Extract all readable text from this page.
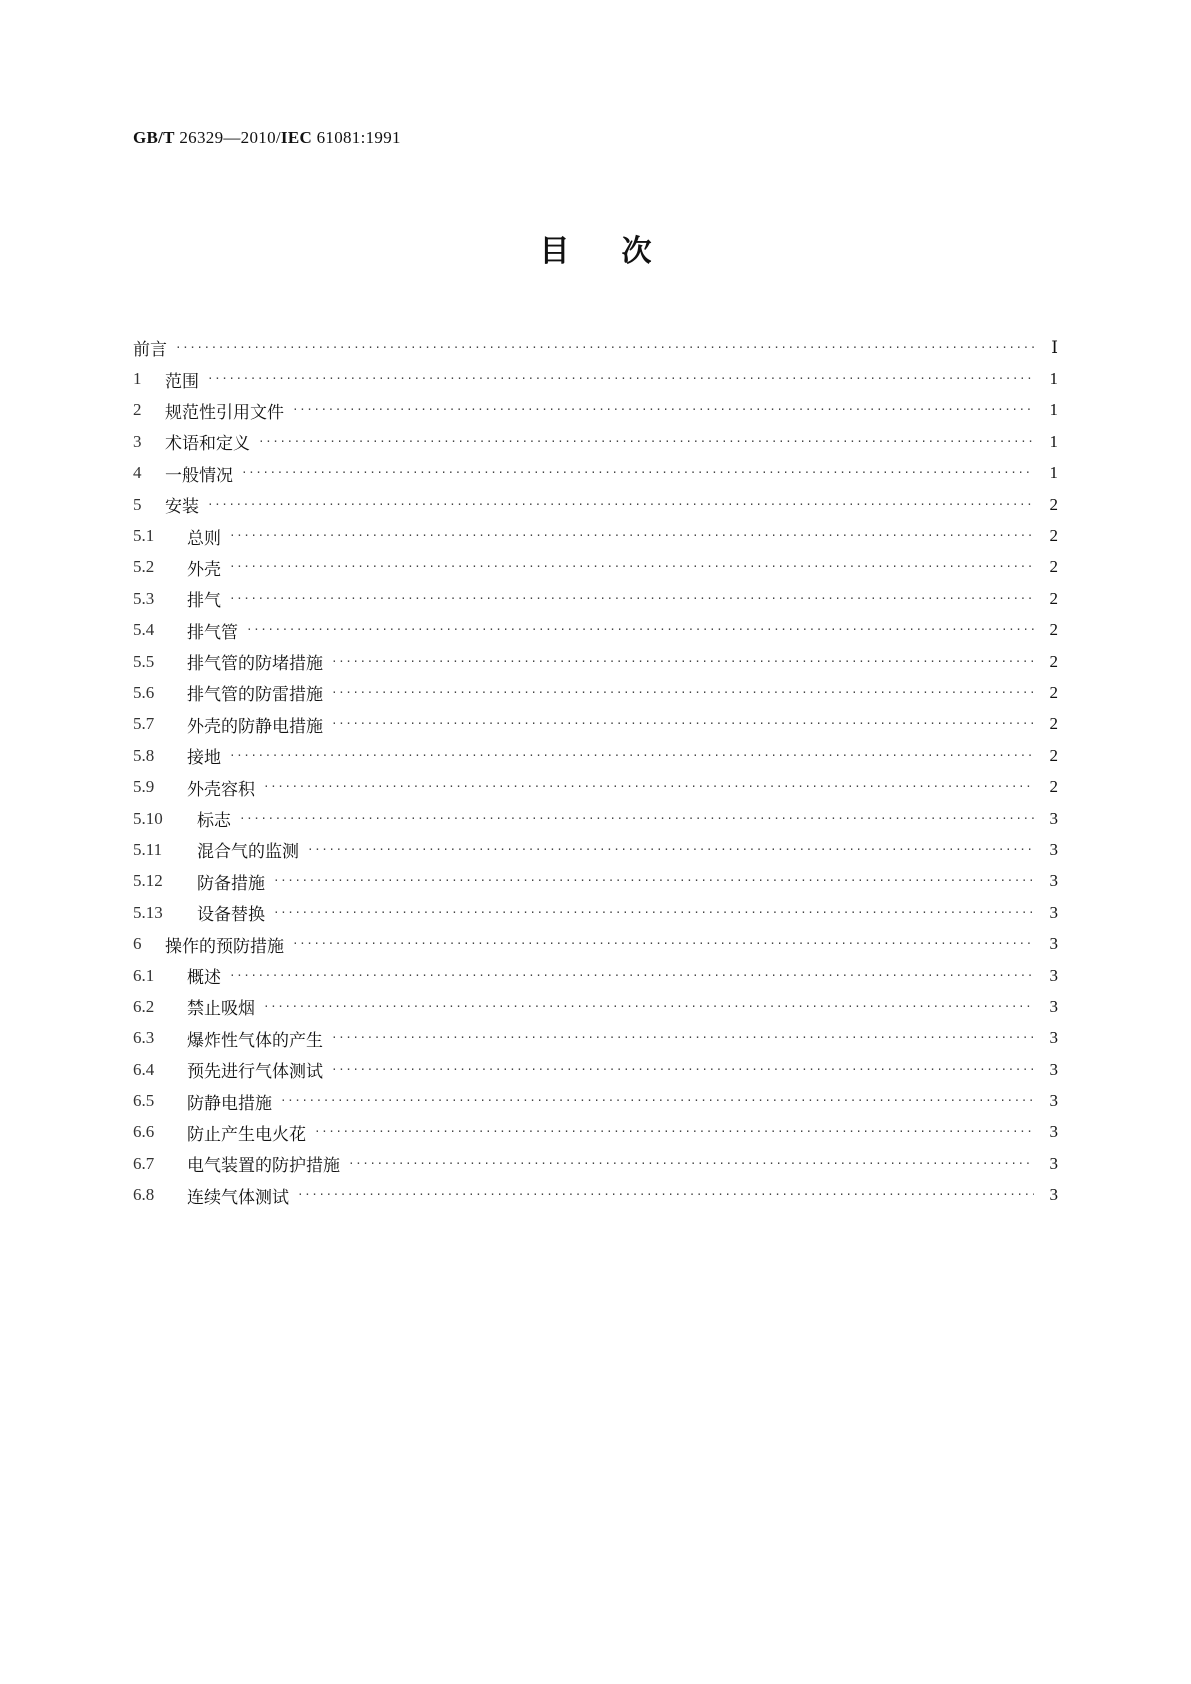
GB/T 26329—2010/IEC 61081:1991
目次
前言 ·····	Ⅰ
1	范围 ·····	1
2	规范性引用文件 ·····	1
3	术语和定义 ·····	1
4	一般情况 ·····	1
5	安装 ·····	2
5.1	总则 ·····	2
5.2	外壳 ·····	2
5.3	排气 ·····	2
5.4	排气管 ·····	2
5.5	排气管的防堵措施 ·····	2
5.6	排气管的防雷措施 ·····	2
5.7	外壳的防静电措施 ·····	2
5.8	接地 ·····	2
5.9	外壳容积 ·····	2
5.10	标志 ·····	3
5.11	混合气的监测 ·····	3
5.12	防备措施 ·····	3
5.13	设备替换 ·····	3
6	操作的预防措施 ·····	3
6.1	概述 ·····	3
6.2	禁止吸烟 ·····	3
6.3	爆炸性气体的产生 ·····	3
6.4	预先进行气体测试 ·····	3
6.5	防静电措施 ·····	3
6.6	防止产生电火花 ·····	3
6.7	电气装置的防护措施 ·····	3
6.8	连续气体测试 ·····	3
